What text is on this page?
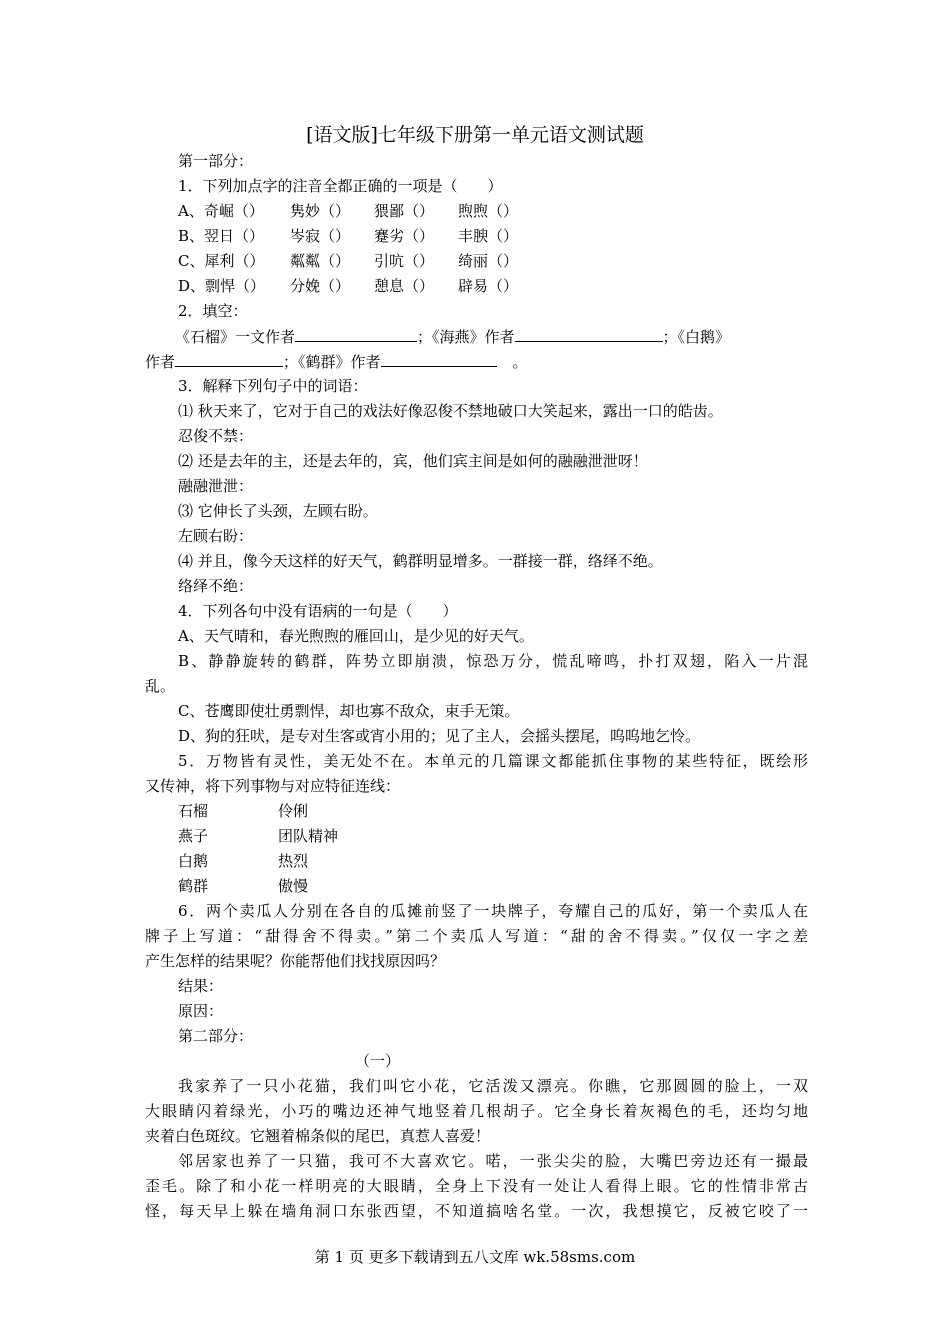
[语文版]七年级下册第一单元语文测试题
第一部分：
1．下列加点字的注音全都正确的一项是（　　）
A、奇崛（） 隽妙（） 猥鄙（） 煦煦（）
B、翌日（） 岑寂（） 蹇劣（） 丰腴（）
C、犀利（） 粼粼（） 引吭（） 绮丽（）
D、剽悍（） 分娩（） 憩息（） 辟易（）
2．填空：
《石榴》一文作者	；《海燕》作者	；《白鹅》
作者	；《鹤群》作者	。
3．解释下列句子中的词语：
⑴ 秋天来了，它对于自己的戏法好像忍俊不禁地破口大笑起来，露出一口的皓齿。
忍俊不禁：
⑵ 还是去年的主，还是去年的，宾，他们宾主间是如何的融融泄泄呀！
融融泄泄：
⑶ 它伸长了头颈，左顾右盼。
左顾右盼：
⑷ 并且，像今天这样的好天气，鹤群明显增多。一群接一群，络绎不绝。
络绎不绝：
4．下列各句中没有语病的一句是（　　）
A、天气晴和，春光煦煦的雁回山，是少见的好天气。
B、静静旋转的鹤群，阵势立即崩溃，惊恐万分，慌乱啼鸣，扑打双翅，陷入一片混
乱。
C、苍鹰即使壮勇剽悍，却也寡不敌众，束手无策。
D、狗的狂吠，是专对生客或宵小用的；见了主人，会摇头摆尾，呜呜地乞怜。
5．万物皆有灵性，美无处不在。本单元的几篇课文都能抓住事物的某些特征，既绘形
又传神，将下列事物与对应特征连线：
石榴	伶俐
燕子	团队精神
白鹅	热烈
鹤群	傲慢
6．两个卖瓜人分别在各自的瓜摊前竖了一块牌子，夸耀自己的瓜好，第一个卖瓜人在
牌子上写道：“甜得舍不得卖。”第二个卖瓜人写道：“甜的舍不得卖。”仅仅一字之差
产生怎样的结果呢？你能帮他们找找原因吗？
结果：
原因：
第二部分：
（一）
我家养了一只小花猫，我们叫它小花，它活泼又漂亮。你瞧，它那圆圆的脸上，一双
大眼睛闪着绿光，小巧的嘴边还神气地竖着几根胡子。它全身长着灰褐色的毛，还均匀地
夹着白色斑纹。它翘着棉条似的尾巴，真惹人喜爱！
邻居家也养了一只猫，我可不大喜欢它。喏，一张尖尖的脸，大嘴巴旁边还有一撮最
歪毛。除了和小花一样明亮的大眼睛，全身上下没有一处让人看得上眼。它的性情非常古
怪，每天早上躲在墙角洞口东张西望，不知道搞啥名堂。一次，我想摸它，反被它咬了一
第 1 页 更多下载请到五八文库 wk.58sms.com
